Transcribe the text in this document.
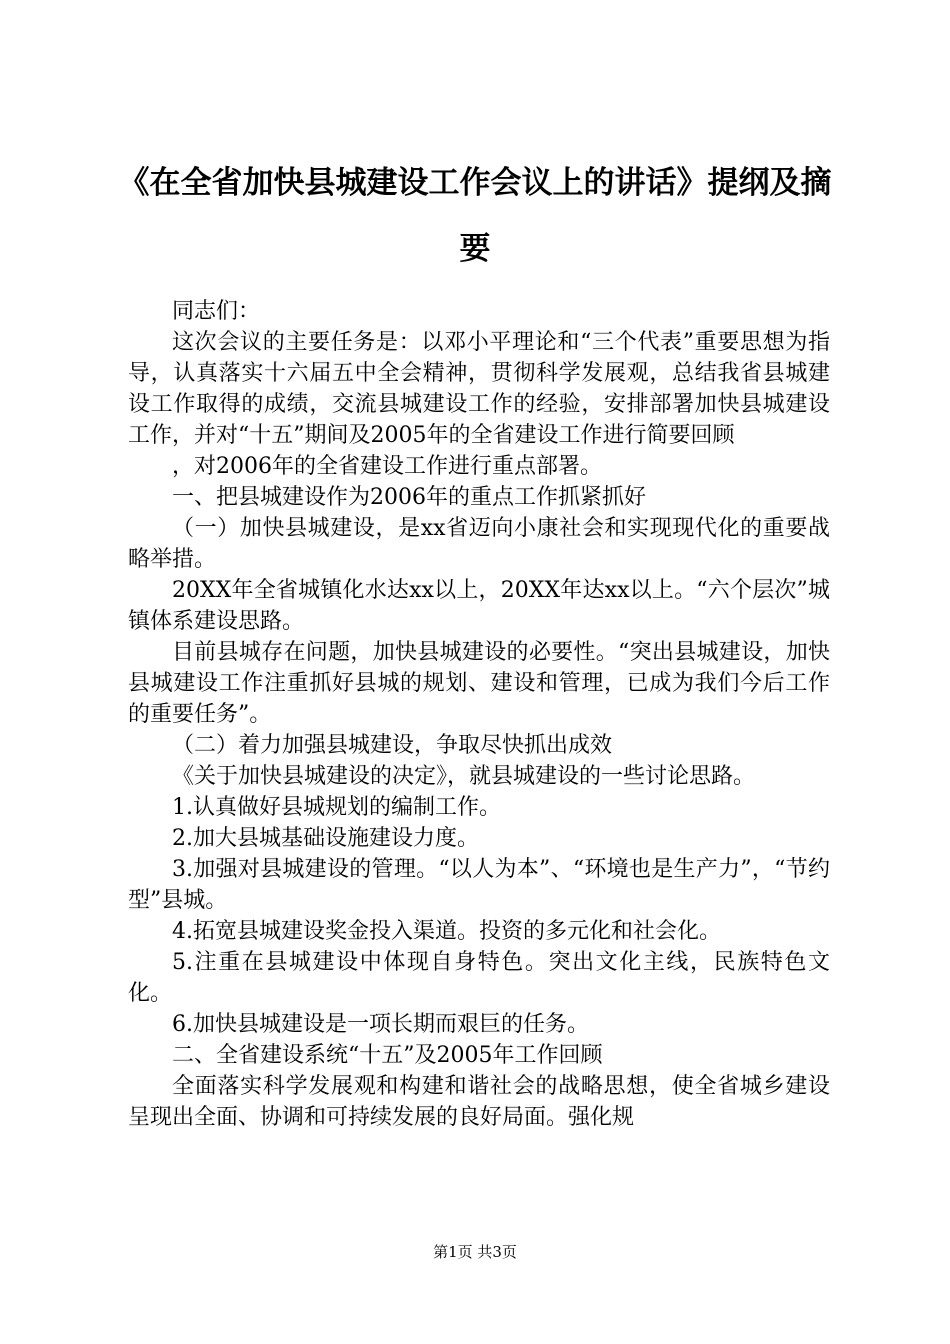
《在全省加快县城建设工作会议上的讲话》提纲及摘要

同志们：

这次会议的主要任务是：以邓小平理论和“三个代表”重要思想为指导，认真落实十六届五中全会精神，贯彻科学发展观，总结我省县城建设工作取得的成绩，交流县城建设工作的经验，安排部署加快县城建设工作，并对“十五”期间及2005年的全省建设工作进行简要回顾

，对2006年的全省建设工作进行重点部署。

一、把县城建设作为2006年的重点工作抓紧抓好

（一）加快县城建设，是xx省迈向小康社会和实现现代化的重要战略举措。

20XX年全省城镇化水达xx以上，20XX年达xx以上。“六个层次”城镇体系建设思路。

目前县城存在问题，加快县城建设的必要性。“突出县城建设，加快县城建设工作注重抓好县城的规划、建设和管理，已成为我们今后工作的重要任务”。

（二）着力加强县城建设，争取尽快抓出成效

《关于加快县城建设的决定》，就县城建设的一些讨论思路。

1.认真做好县城规划的编制工作。

2.加大县城基础设施建设力度。

3.加强对县城建设的管理。“以人为本”、“环境也是生产力”，“节约型”县城。

4.拓宽县城建设奖金投入渠道。投资的多元化和社会化。

5.注重在县城建设中体现自身特色。突出文化主线，民族特色文化。

6.加快县城建设是一项长期而艰巨的任务。

二、全省建设系统“十五”及2005年工作回顾

全面落实科学发展观和构建和谐社会的战略思想，使全省城乡建设呈现出全面、协调和可持续发展的良好局面。强化规

第1页 共3页
